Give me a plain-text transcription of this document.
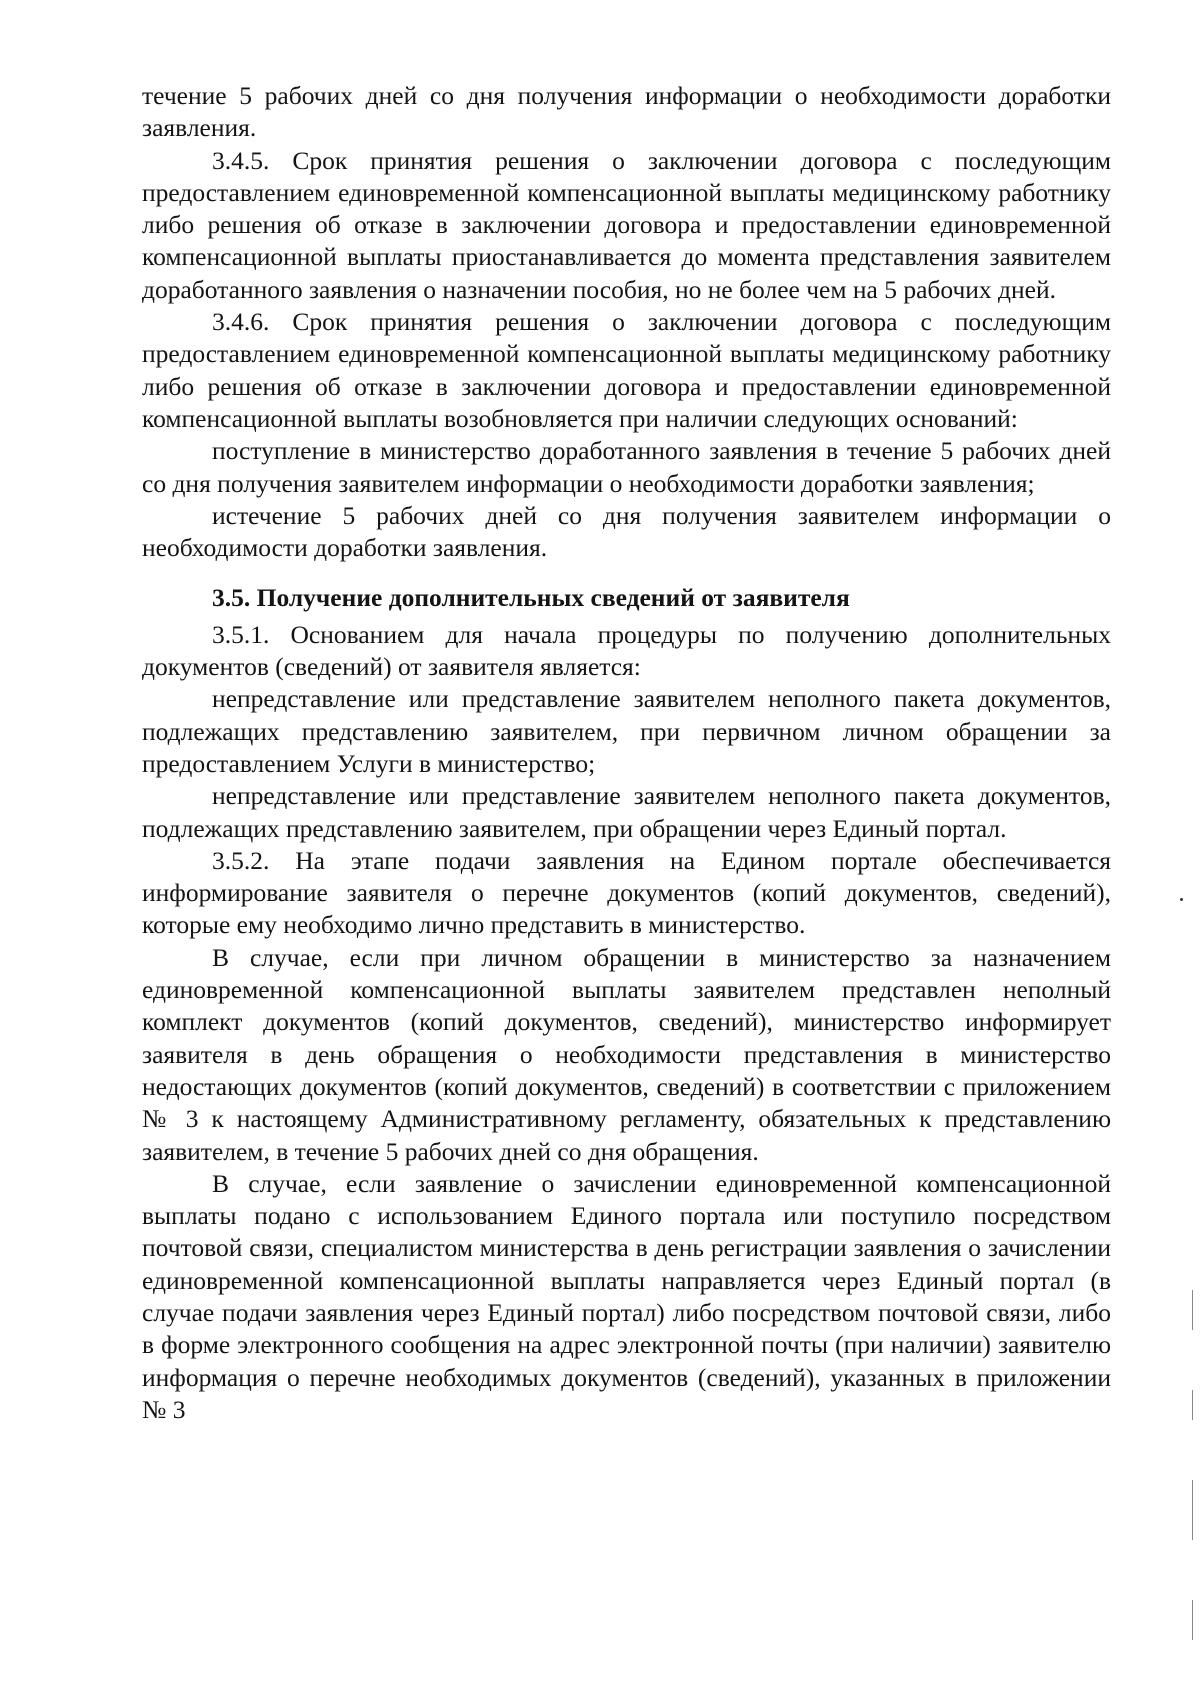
течение 5 рабочих дней со дня получения информации о необходимости доработки заявления.

3.4.5. Срок принятия решения о заключении договора с последующим предоставлением единовременной компенсационной выплаты медицинскому работнику либо решения об отказе в заключении договора и предоставлении единовременной компенсационной выплаты приостанавливается до момента представления заявителем доработанного заявления о назначении пособия, но не более чем на 5 рабочих дней.

3.4.6. Срок принятия решения о заключении договора с последующим предоставлением единовременной компенсационной выплаты медицинскому работнику либо решения об отказе в заключении договора и предоставлении единовременной компенсационной выплаты возобновляется при наличии следующих оснований:

поступление в министерство доработанного заявления в течение 5 рабочих дней со дня получения заявителем информации о необходимости доработки заявления;

истечение 5 рабочих дней со дня получения заявителем информации о необходимости доработки заявления.

3.5. Получение дополнительных сведений от заявителя

3.5.1. Основанием для начала процедуры по получению дополнительных документов (сведений) от заявителя является:

непредставление или представление заявителем неполного пакета документов, подлежащих представлению заявителем, при первичном личном обращении за предоставлением Услуги в министерство;

непредставление или представление заявителем неполного пакета документов, подлежащих представлению заявителем, при обращении через Единый портал.

3.5.2. На этапе подачи заявления на Едином портале обеспечивается информирование заявителя о перечне документов (копий документов, сведений), которые ему необходимо лично представить в министерство.

В случае, если при личном обращении в министерство за назначением единовременной компенсационной выплаты заявителем представлен неполный комплект документов (копий документов, сведений), министерство информирует заявителя в день обращения о необходимости представления в министерство недостающих документов (копий документов, сведений) в соответствии с приложением № 3 к настоящему Административному регламенту, обязательных к представлению заявителем, в течение 5 рабочих дней со дня обращения.

В случае, если заявление о зачислении единовременной компенсационной выплаты подано с использованием Единого портала или поступило посредством почтовой связи, специалистом министерства в день регистрации заявления о зачислении единовременной компенсационной выплаты направляется через Единый портал (в случае подачи заявления через Единый портал) либо посредством почтовой связи, либо в форме электронного сообщения на адрес электронной почты (при наличии) заявителю информация о перечне необходимых документов (сведений), указанных в приложении № 3
